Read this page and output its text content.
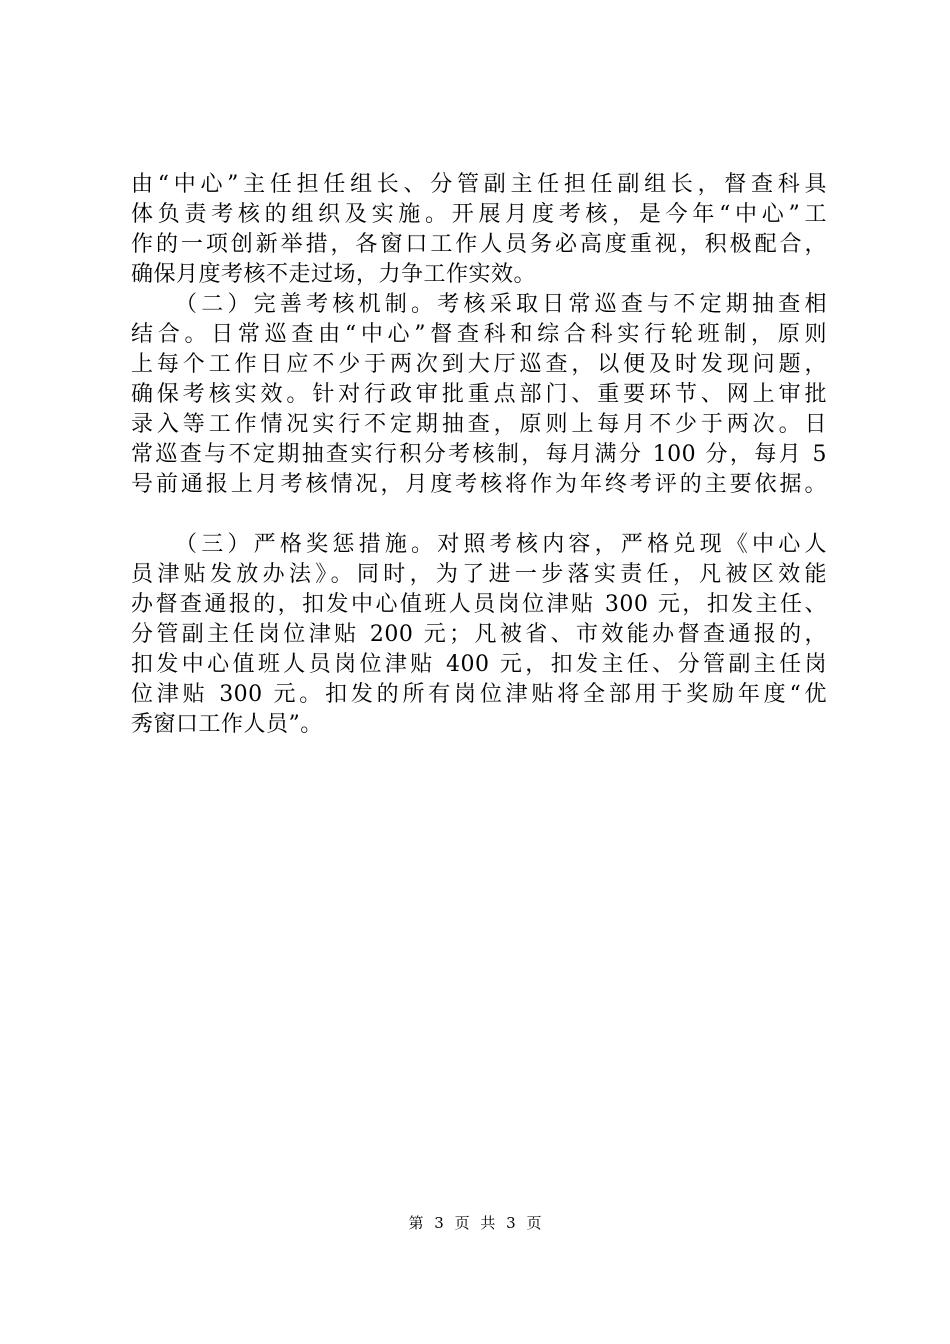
由“中心”主任担任组长、分管副主任担任副组长，督查科具
体负责考核的组织及实施。开展月度考核，是今年“中心”工
作的一项创新举措，各窗口工作人员务必高度重视，积极配合，
确保月度考核不走过场，力争工作实效。
（二）完善考核机制。考核采取日常巡查与不定期抽查相
结合。日常巡查由“中心”督查科和综合科实行轮班制，原则
上每个工作日应不少于两次到大厅巡查，以便及时发现问题，
确保考核实效。针对行政审批重点部门、重要环节、网上审批
录入等工作情况实行不定期抽查，原则上每月不少于两次。日
常巡查与不定期抽查实行积分考核制，每月满分 100 分，每月 5
号前通报上月考核情况，月度考核将作为年终考评的主要依据。
（三）严格奖惩措施。对照考核内容，严格兑现《中心人
员津贴发放办法》。同时，为了进一步落实责任，凡被区效能
办督查通报的，扣发中心值班人员岗位津贴 300 元，扣发主任、
分管副主任岗位津贴 200 元；凡被省、市效能办督查通报的，
扣发中心值班人员岗位津贴 400 元，扣发主任、分管副主任岗
位津贴 300 元。扣发的所有岗位津贴将全部用于奖励年度“优
秀窗口工作人员”。
第 3 页 共 3 页
